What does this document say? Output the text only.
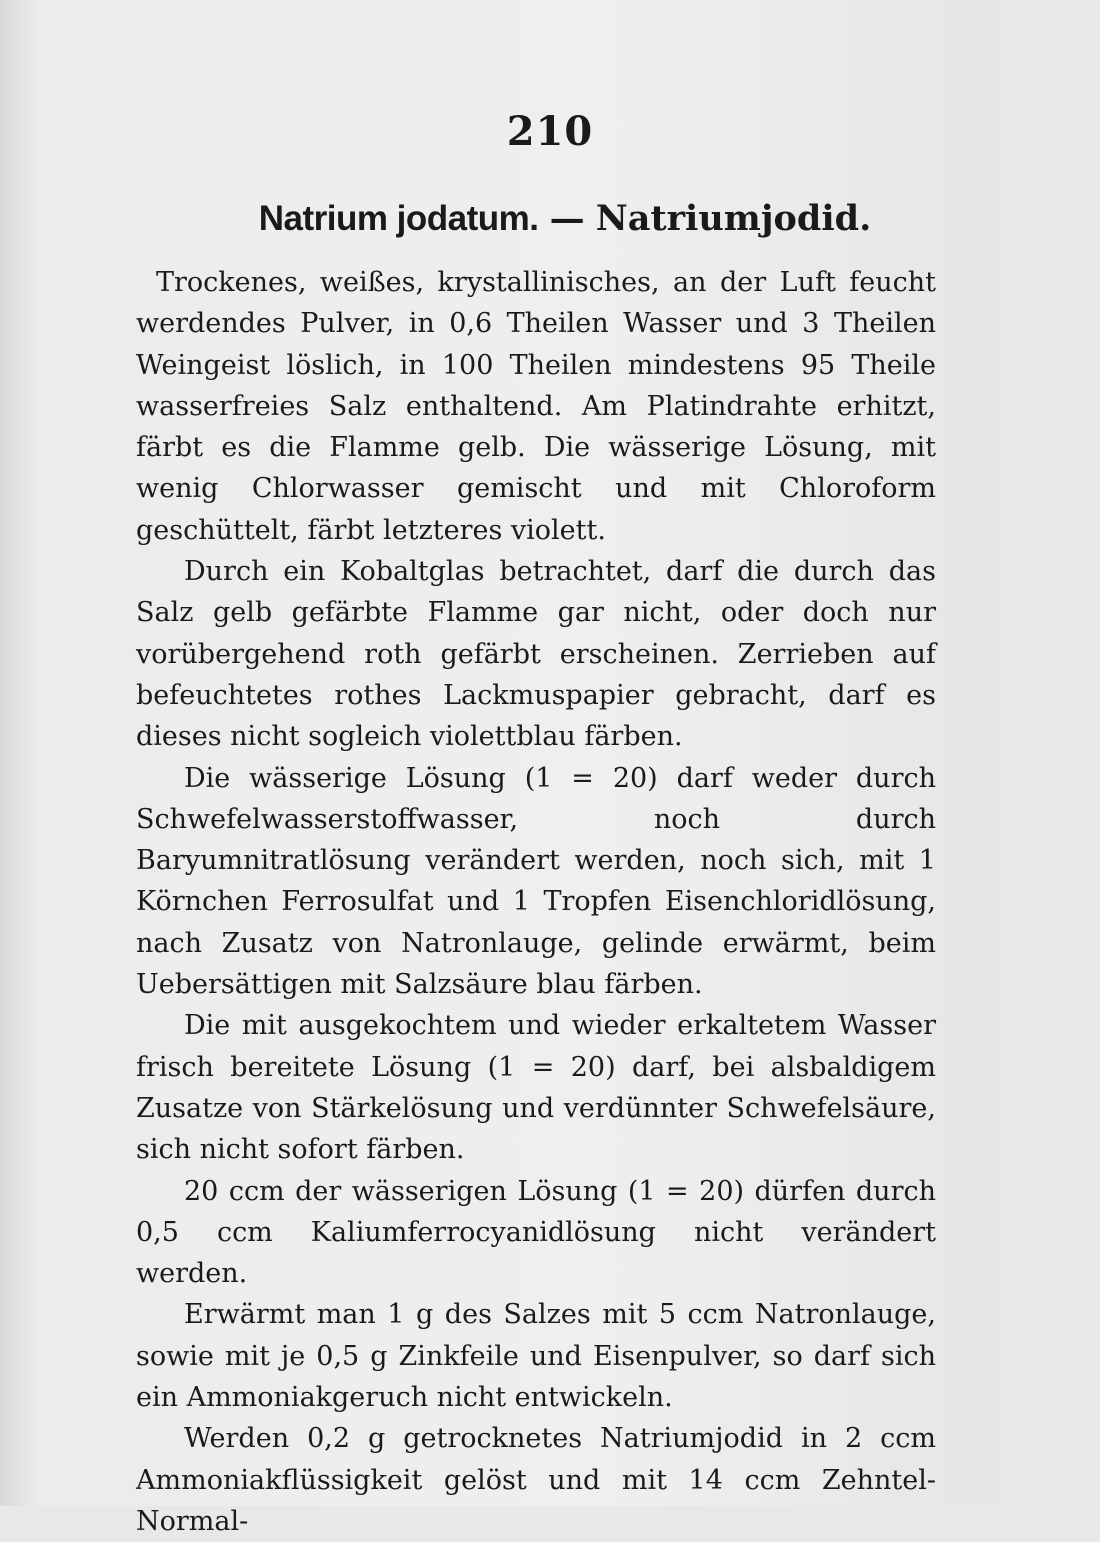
210
Natrium jodatum. — Natriumjodid.

Trockenes, weißes, krystallinisches, an der Luft feucht werdendes Pulver, in 0,6 Theilen Wasser und 3 Theilen Weingeist löslich, in 100 Theilen mindestens 95 Theile wasserfreies Salz enthaltend. Am Platindrahte erhitzt, färbt es die Flamme gelb. Die wässerige Lösung, mit wenig Chlorwasser gemischt und mit Chloroform geschüttelt, färbt letzteres violett.

Durch ein Kobaltglas betrachtet, darf die durch das Salz gelb gefärbte Flamme gar nicht, oder doch nur vorübergehend roth gefärbt erscheinen. Zerrieben auf befeuchtetes rothes Lackmuspapier gebracht, darf es dieses nicht sogleich violettblau färben.

Die wässerige Lösung (1 = 20) darf weder durch Schwefelwasserstoffwasser, noch durch Baryumnitratlösung verändert werden, noch sich, mit 1 Körnchen Ferrosulfat und 1 Tropfen Eisenchloridlösung, nach Zusatz von Natronlauge, gelinde erwärmt, beim Uebersättigen mit Salzsäure blau färben.

Die mit ausgekochtem und wieder erkaltetem Wasser frisch bereitete Lösung (1 = 20) darf, bei alsbaldigem Zusatze von Stärkelösung und verdünnter Schwefelsäure, sich nicht sofort färben.

20 ccm der wässerigen Lösung (1 = 20) dürfen durch 0,5 ccm Kaliumferrocyanidlösung nicht verändert werden.

Erwärmt man 1 g des Salzes mit 5 ccm Natronlauge, sowie mit je 0,5 g Zinkfeile und Eisenpulver, so darf sich ein Ammoniakgeruch nicht entwickeln.

Werden 0,2 g getrocknetes Natriumjodid in 2 ccm Ammoniakflüssigkeit gelöst und mit 14 ccm Zehntel-Normal-
